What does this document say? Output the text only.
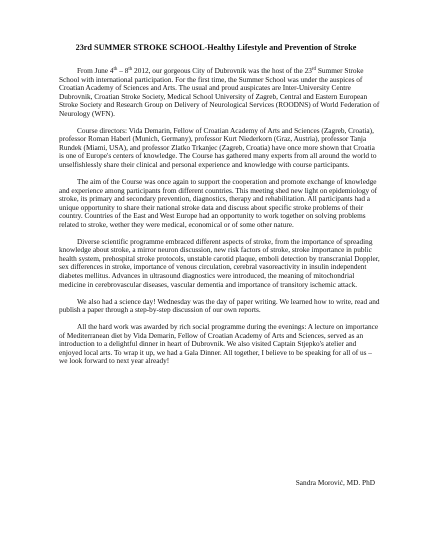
23rd SUMMER STROKE SCHOOL-Healthy Lifestyle and Prevention of Stroke

From June 4th – 8th 2012, our gorgeous City of Dubrovnik was the host of the 23rd Summer Stroke School with international participation. For the first time, the Summer School was under the auspices of Croatian Academy of Sciences and Arts. The usual and proud auspicates are Inter-University Centre Dubrovnik, Croatian Stroke Society, Medical School University of Zagreb, Central and Eastern European Stroke Society and Research Group on Delivery of Neurological Services (ROODNS) of World Federation of Neurology (WFN).

Course directors: Vida Demarin, Fellow of Croatian Academy of Arts and Sciences (Zagreb, Croatia), professor Roman Haberl (Munich, Germany), professor Kurt Niederkorn (Graz, Austria), professor Tanja Rundek (Miami, USA), and professor Zlatko Trkanjec (Zagreb, Croatia) have once more shown that Croatia is one of Europe's centers of knowledge. The Course has gathered many experts from all around the world to unselfishlessly share their clinical and personal experience and knowledge with course participants.

The aim of the Course was once again to support the cooperation and promote exchange of knowledge and experience among participants from different countries. This meeting shed new light on epidemiology of stroke, its primary and secondary prevention, diagnostics, therapy and rehabilitation. All participants had a unique opportunity to share their national stroke data and discuss about specific stroke problems of their country. Countries of the East and West Europe had an opportunity to work together on solving problems related to stroke, wether they were medical, economical or of some other nature.

Diverse scientific programme embraced different aspects of stroke, from the importance of spreading knowledge about stroke, a mirror neuron discussion, new risk factors of stroke, stroke importance in public health system, prehospital stroke protocols, unstable carotid plaque, emboli detection by transcranial Doppler, sex differences in stroke, importance of venous circulation, cerebral vasoreactivity in insulin independent diabetes mellitus. Advances in ultrasound diagnostics were introduced, the meaning of mitochondrial medicine in cerebrovascular diseases, vascular dementia and importance of transitory ischemic attack.

We also had a science day! Wednesday was the day of paper writing. We learned how to write, read and publish a paper through a step-by-step discussion of our own reports.

All the hard work was awarded by rich social programme during the evenings: A lecture on importance of Mediterranean diet by Vida Demarin, Fellow of Croatian Academy of Arts and Sciences, served as an introduction to a delightful dinner in heart of Dubrovnik. We also visited Captain Stjepko's atelier and enjoyed local arts. To wrap it up, we had a Gala Dinner. All together, I believe to be speaking for all of us – we look forward to next year already!

Sandra Morović, MD. PhD
